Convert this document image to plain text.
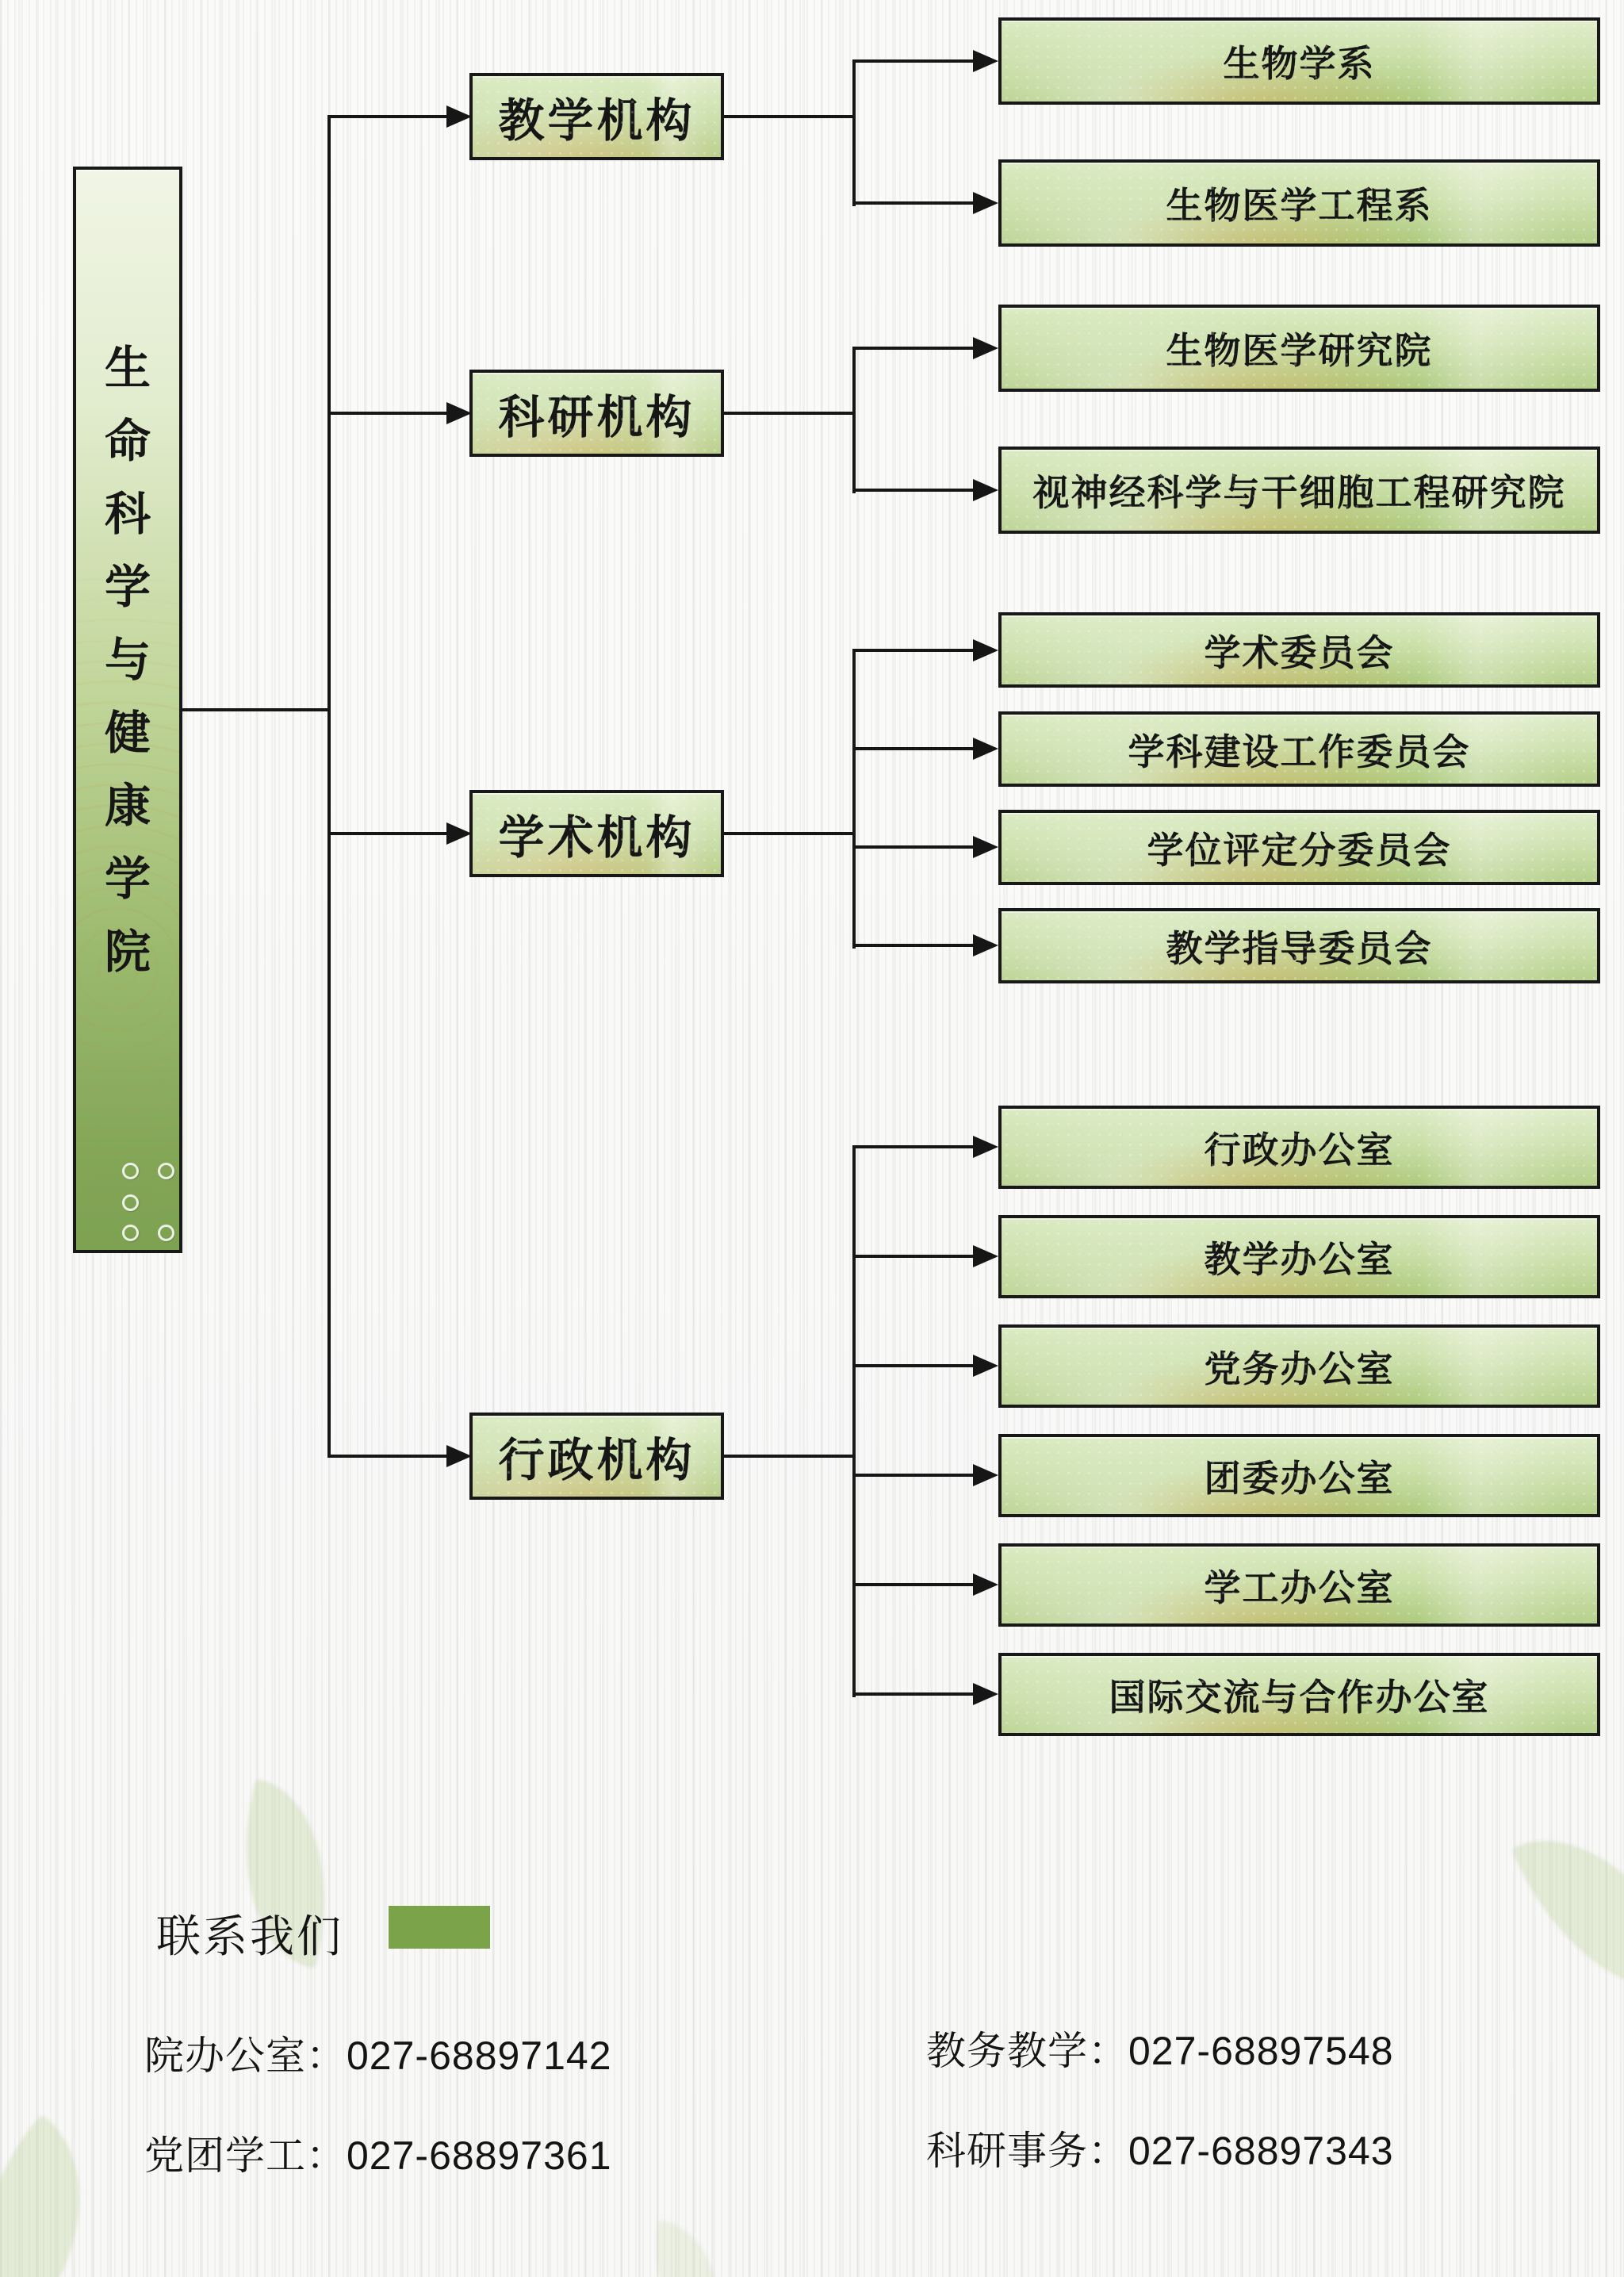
生
命
科
学
与
健
康
学
院
教学机构
科研机构
学术机构
行政机构
生物学系
生物医学工程系
生物医学研究院
视神经科学与干细胞工程研究院
学术委员会
学科建设工作委员会
学位评定分委员会
教学指导委员会
行政办公室
教学办公室
党务办公室
团委办公室
学工办公室
国际交流与合作办公室
联系我们
院办公室：027-68897142
党团学工：027-68897361
教务教学：027-68897548
科研事务：027-68897343
